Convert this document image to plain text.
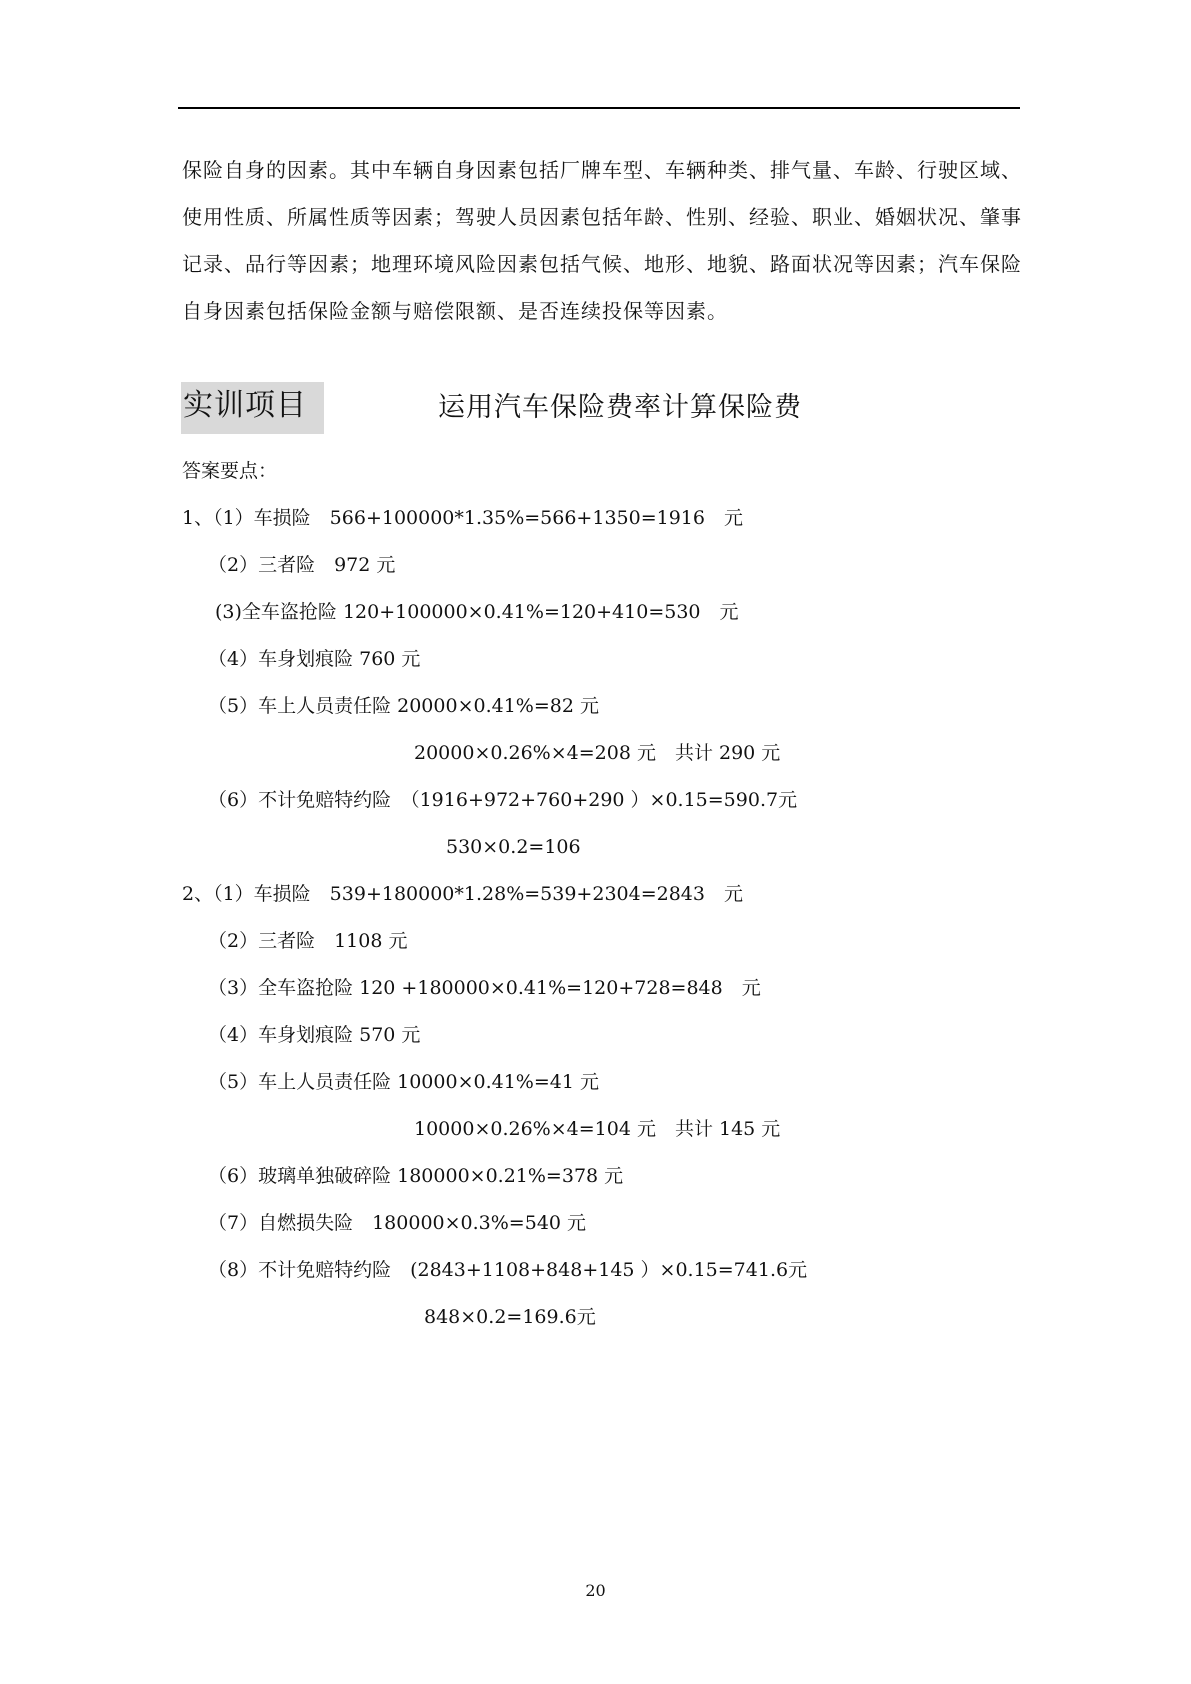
保险自身的因素。其中车辆自身因素包括厂牌车型、车辆种类、排气量、车龄、行驶区域、
使用性质、所属性质等因素；驾驶人员因素包括年龄、性别、经验、职业、婚姻状况、肇事
记录、品行等因素；地理环境风险因素包括气候、地形、地貌、路面状况等因素；汽车保险
自身因素包括保险金额与赔偿限额、是否连续投保等因素。
实训项目	运用汽车保险费率计算保险费
答案要点：
1、（1）车损险　566+100000*1.35%=566+1350=1916　元
（2）三者险　972 元
(3)全车盗抢险 120+100000×0.41%=120+410=530　元
（4）车身划痕险 760 元
（5）车上人员责任险 20000×0.41%=82 元
20000×0.26%×4=208 元　共计 290 元
（6）不计免赔特约险　（1916+972+760+290 ）×0.15=590.7元
530×0.2=106
2、（1）车损险　539+180000*1.28%=539+2304=2843　元
（2）三者险　1108 元
（3）全车盗抢险 120 +180000×0.41%=120+728=848　元
（4）车身划痕险 570 元
（5）车上人员责任险 10000×0.41%=41 元
10000×0.26%×4=104 元　共计 145 元
（6）玻璃单独破碎险 180000×0.21%=378 元
（7）自燃损失险　180000×0.3%=540 元
（8）不计免赔特约险　(2843+1108+848+145 ）×0.15=741.6元
848×0.2=169.6元
20
